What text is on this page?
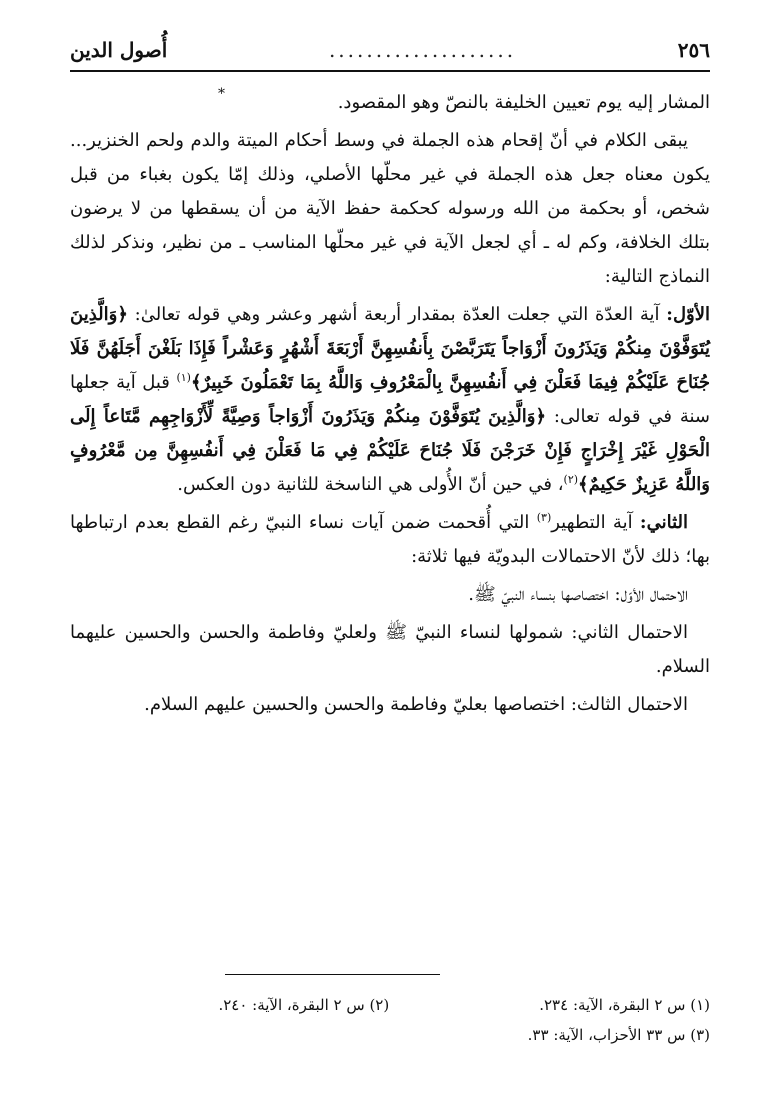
٢٥٦
....................
أُصول الدين

المشار إليه يوم تعيين الخليفة بالنصّ وهو المقصود.

يبقى الكلام في أنّ إقحام هذه الجملة في وسط أحكام الميتة والدم ولحم الخنزير... يكون معناه جعل هذه الجملة في غير محلّها الأصلي، وذلك إمّا يكون بغباء من قبل شخص، أو بحكمة من الله ورسوله كحكمة حفظ الآية من أن يسقطها من لا يرضون بتلك الخلافة، وكم له ـ أي لجعل الآية في غير محلّها المناسب ـ من نظير، ونذكر لذلك النماذج التالية:

الأوّل: آية العدّة التي جعلت العدّة بمقدار أربعة أشهر وعشر وهي قوله تعالىٰ: ﴿وَالَّذِينَ يُتَوَفَّوْنَ مِنكُمْ وَيَذَرُونَ أَزْوَاجاً يَتَرَبَّصْنَ بِأَنفُسِهِنَّ أَرْبَعَةَ أَشْهُرٍ وَعَشْراً فَإِذَا بَلَغْنَ أَجَلَهُنَّ فَلَا جُنَاحَ عَلَيْكُمْ فِيمَا فَعَلْنَ فِي أَنفُسِهِنَّ بِالْمَعْرُوفِ وَاللَّهُ بِمَا تَعْمَلُونَ خَبِيرٌ﴾$^{(١)}$ قبل آية جعلها سنة في قوله تعالى: ﴿وَالَّذِينَ يُتَوَفَّوْنَ مِنكُمْ وَيَذَرُونَ أَزْوَاجاً وَصِيَّةً لِّأَزْوَاجِهِم مَّتَاعاً إِلَى الْحَوْلِ غَيْرَ إِخْرَاجٍ فَإِنْ خَرَجْنَ فَلَا جُنَاحَ عَلَيْكُمْ فِي مَا فَعَلْنَ فِي أَنفُسِهِنَّ مِن مَّعْرُوفٍ وَاللَّهُ عَزِيزٌ حَكِيمٌ﴾$^{(٢)}$، في حين أنّ الأُولى هي الناسخة للثانية دون العكس.

الثاني: آية التطهير$^{(٣)}$ التي أُقحمت ضمن آيات نساء النبيّ رغم القطع بعدم ارتباطها بها؛ ذلك لأنّ الاحتمالات البدويّة فيها ثلاثة:

الاحتمال الأوّل: اختصاصها بنساء النبيّ ﷺ.

الاحتمال الثاني: شمولها لنساء النبيّ ﷺ ولعليّ وفاطمة والحسن والحسين عليهما السلام.

الاحتمال الثالث: اختصاصها بعليّ وفاطمة والحسن والحسين عليهم السلام.

*
(١) س ٢ البقرة، الآية: ٢٣٤.
(٢) س ٢ البقرة، الآية: ٢٤٠.
(٣) س ٣٣ الأحزاب، الآية: ٣٣.
